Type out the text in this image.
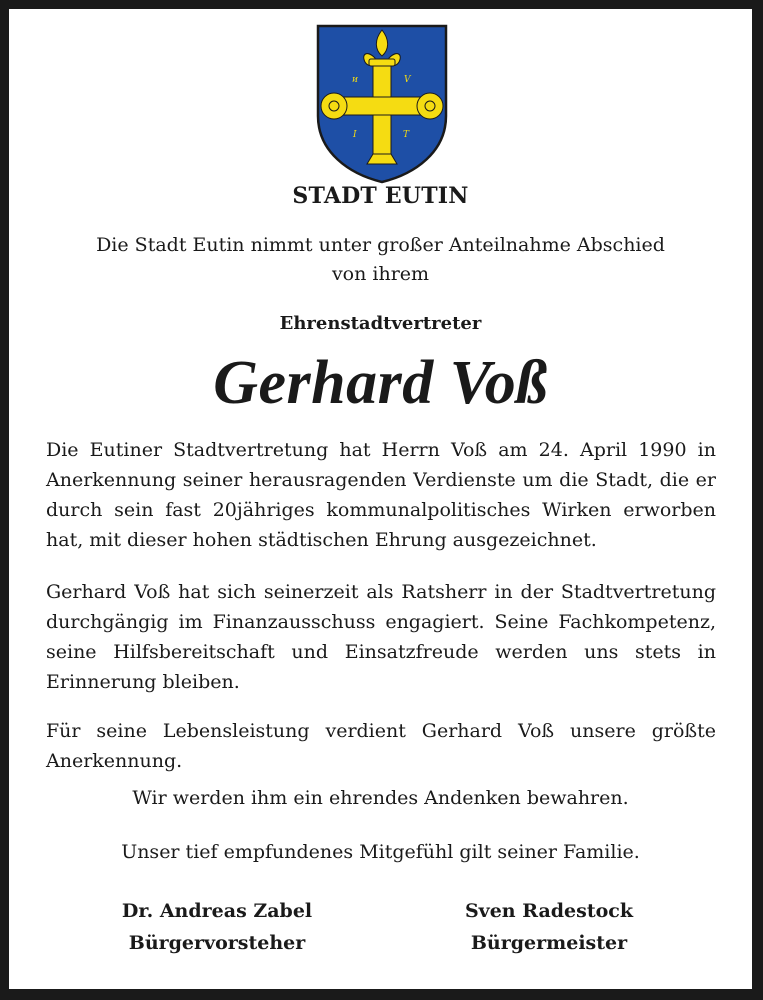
ᴎ	V
I	T
STADT EUTIN
Die Stadt Eutin nimmt unter großer Anteilnahme Abschied
von ihrem
Ehrenstadtvertreter
Gerhard Voß

Die Eutiner Stadtvertretung hat Herrn Voß am 24. April 1990 in Anerkennung seiner herausragenden Verdienste um die Stadt, die er durch sein fast 20jähriges kommunalpolitisches Wirken erworben hat, mit dieser hohen städtischen Ehrung ausgezeichnet.

Gerhard Voß hat sich seinerzeit als Ratsherr in der Stadtvertretung durchgängig im Finanzausschuss engagiert. Seine Fachkompetenz, seine Hilfsbereitschaft und Einsatzfreude werden uns stets in Erinnerung bleiben.

Für seine Lebensleistung verdient Gerhard Voß unsere größte Anerkennung.

Wir werden ihm ein ehrendes Andenken bewahren.
Unser tief empfundenes Mitgefühl gilt seiner Familie.
Dr. Andreas Zabel
Bürgervorsteher
Sven Radestock
Bürgermeister
